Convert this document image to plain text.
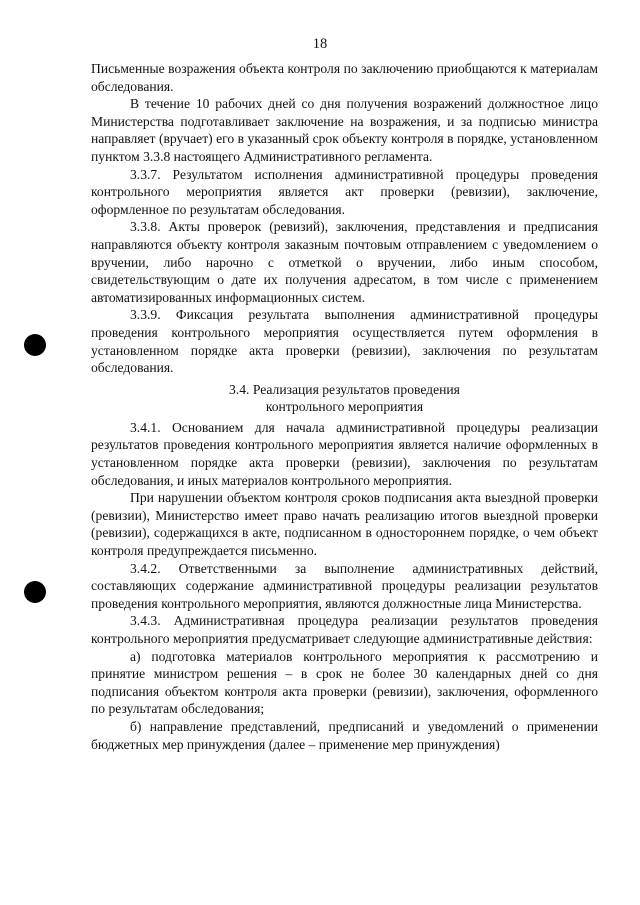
18

Письменные возражения объекта контроля по заключению приобщаются к материалам обследования.

В течение 10 рабочих дней со дня получения возражений должностное лицо Министерства подготавливает заключение на возражения, и за подписью министра направляет (вручает) его в указанный срок объекту контроля в порядке, установленном пунктом 3.3.8 настоящего Административного регламента.

3.3.7. Результатом исполнения административной процедуры проведения контрольного мероприятия является акт проверки (ревизии), заключение, оформленное по результатам обследования.

3.3.8. Акты проверок (ревизий), заключения, представления и предписания направляются объекту контроля заказным почтовым отправлением с уведомлением о вручении, либо нарочно с отметкой о вручении, либо иным способом, свидетельствующим о дате их получения адресатом, в том числе с применением автоматизированных информационных систем.

3.3.9. Фиксация результата выполнения административной процедуры проведения контрольного мероприятия осуществляется путем оформления в установленном порядке акта проверки (ревизии), заключения по результатам обследования.

3.4. Реализация результатов проведения
контрольного мероприятия

3.4.1. Основанием для начала административной процедуры реализации результатов проведения контрольного мероприятия является наличие оформленных в установленном порядке акта проверки (ревизии), заключения по результатам обследования, и иных материалов контрольного мероприятия.

При нарушении объектом контроля сроков подписания акта выездной проверки (ревизии), Министерство имеет право начать реализацию итогов выездной проверки (ревизии), содержащихся в акте, подписанном в одностороннем порядке, о чем объект контроля предупреждается письменно.

3.4.2. Ответственными за выполнение административных действий, составляющих содержание административной процедуры реализации результатов проведения контрольного мероприятия, являются должностные лица Министерства.

3.4.3. Административная процедура реализации результатов проведения контрольного мероприятия предусматривает следующие административные действия:

а) подготовка материалов контрольного мероприятия к рассмотрению и принятие министром решения – в срок не более 30 календарных дней со дня подписания объектом контроля акта проверки (ревизии), заключения, оформленного по результатам обследования;

б) направление представлений, предписаний и уведомлений о применении бюджетных мер принуждения (далее – применение мер принуждения)
